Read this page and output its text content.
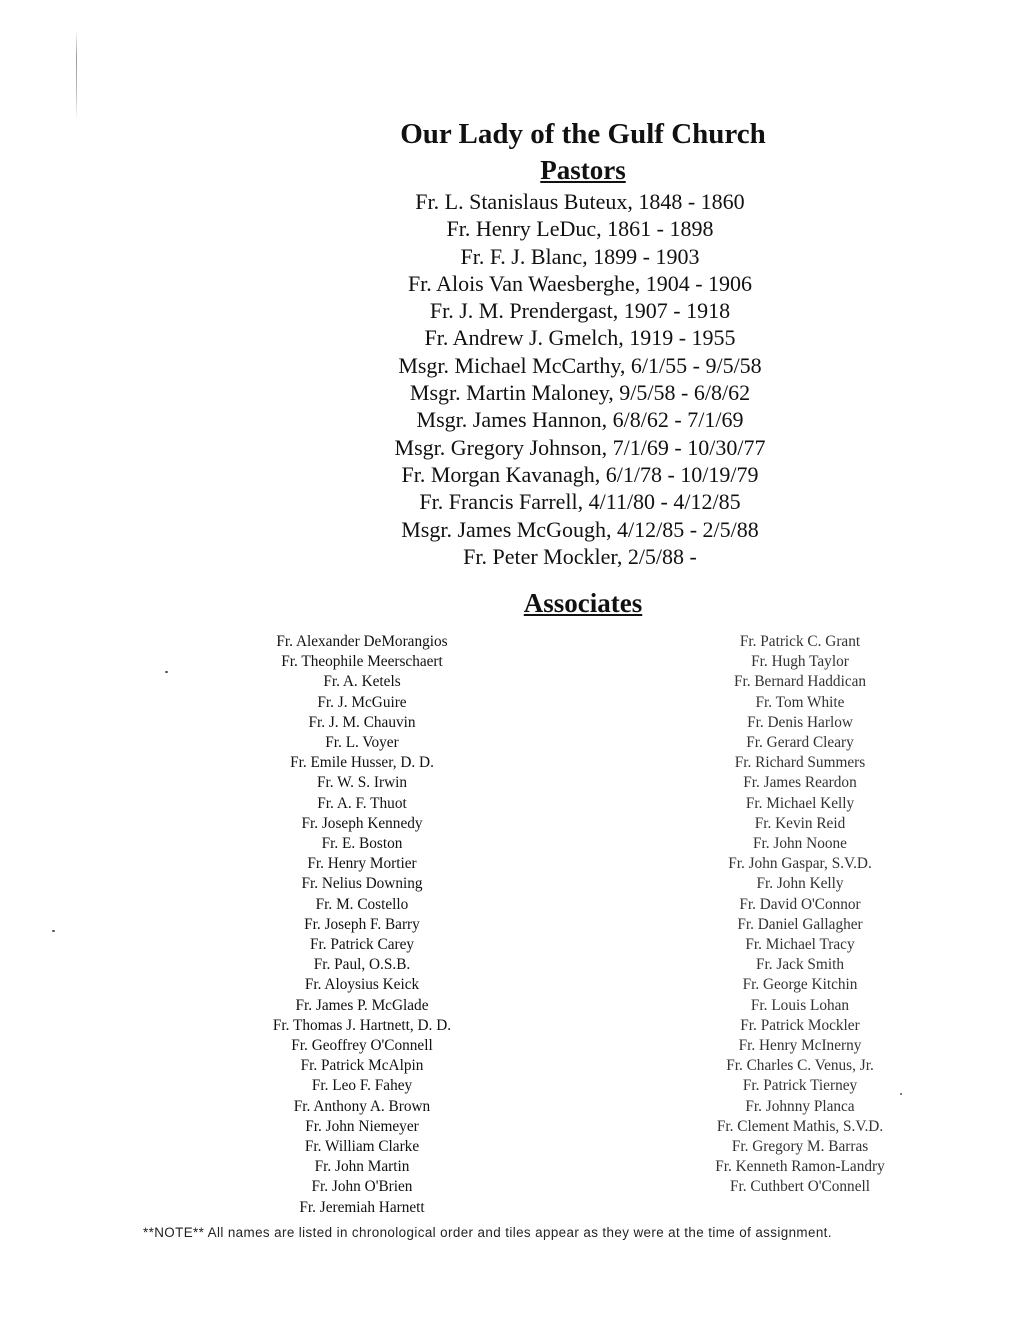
Our Lady of the Gulf Church
Pastors
Fr. L. Stanislaus Buteux, 1848 - 1860
Fr. Henry LeDuc, 1861 - 1898
Fr. F. J. Blanc, 1899 - 1903
Fr. Alois Van Waesberghe, 1904 - 1906
Fr. J. M. Prendergast, 1907 - 1918
Fr. Andrew J. Gmelch, 1919 - 1955
Msgr. Michael McCarthy, 6/1/55 - 9/5/58
Msgr. Martin Maloney, 9/5/58 - 6/8/62
Msgr. James Hannon, 6/8/62 - 7/1/69
Msgr. Gregory Johnson, 7/1/69 - 10/30/77
Fr. Morgan Kavanagh, 6/1/78 - 10/19/79
Fr. Francis Farrell, 4/11/80 - 4/12/85
Msgr. James McGough, 4/12/85 - 2/5/88
Fr. Peter Mockler, 2/5/88 -
Associates
Fr. Alexander DeMorangios
Fr. Theophile Meerschaert
Fr. A. Ketels
Fr. J. McGuire
Fr. J. M. Chauvin
Fr. L. Voyer
Fr. Emile Husser, D. D.
Fr. W. S. Irwin
Fr. A. F. Thuot
Fr. Joseph Kennedy
Fr. E. Boston
Fr. Henry Mortier
Fr. Nelius Downing
Fr. M. Costello
Fr. Joseph F. Barry
Fr. Patrick Carey
Fr. Paul, O.S.B.
Fr. Aloysius Keick
Fr. James P. McGlade
Fr. Thomas J. Hartnett, D. D.
Fr. Geoffrey O'Connell
Fr. Patrick McAlpin
Fr. Leo F. Fahey
Fr. Anthony A. Brown
Fr. John Niemeyer
Fr. William Clarke
Fr. John Martin
Fr. John O'Brien
Fr. Jeremiah Harnett
Fr. Patrick C. Grant
Fr. Hugh Taylor
Fr. Bernard Haddican
Fr. Tom White
Fr. Denis Harlow
Fr. Gerard Cleary
Fr. Richard Summers
Fr. James Reardon
Fr. Michael Kelly
Fr. Kevin Reid
Fr. John Noone
Fr. John Gaspar, S.V.D.
Fr. John Kelly
Fr. David O'Connor
Fr. Daniel Gallagher
Fr. Michael Tracy
Fr. Jack Smith
Fr. George Kitchin
Fr. Louis Lohan
Fr. Patrick Mockler
Fr. Henry McInerny
Fr. Charles C. Venus, Jr.
Fr. Patrick Tierney
Fr. Johnny Planca
Fr. Clement Mathis, S.V.D.
Fr. Gregory M. Barras
Fr. Kenneth Ramon-Landry
Fr. Cuthbert O'Connell
**NOTE** All names are listed in chronological order and tiles appear as they were at the time of assignment.
